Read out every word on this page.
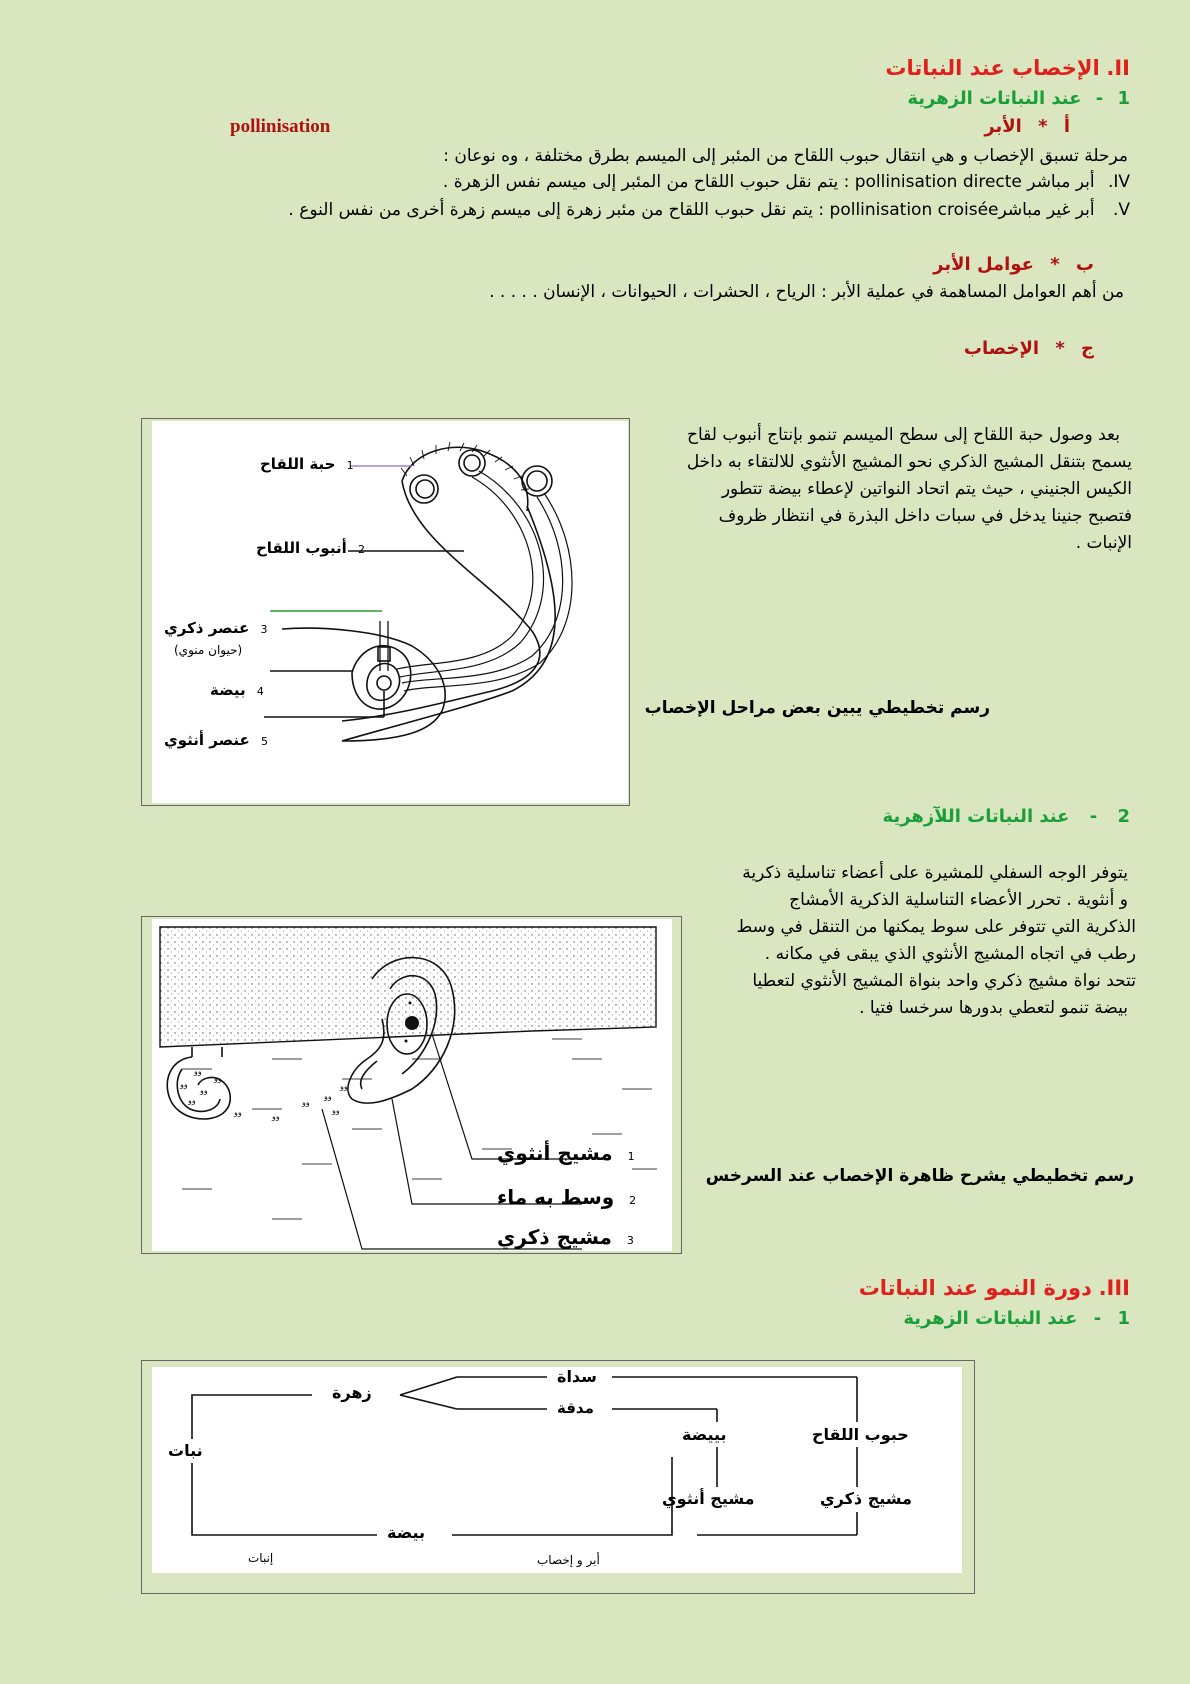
II. الإخصاب عند النباتات
1 - عند النباتات الزهرية
pollinisation	أ * الأبر
مرحلة تسبق الإخصاب و هي انتقال حبوب اللقاح من المئبر إلى الميسم بطرق مختلفة ، وه نوعان :
IV. أبر مباشر pollinisation directe : يتم نقل حبوب اللقاح من المئبر إلى ميسم نفس الزهرة .
V. أبر غير مباشرpollinisation croisée : يتم نقل حبوب اللقاح من مئبر زهرة إلى ميسم زهرة أخرى من نفس النوع .
ب * عوامل الأبر
من أهم العوامل المساهمة في عملية الأبر : الرياح ، الحشرات ، الحيوانات ، الإنسان . . . . .
ج * الإخصاب
بعد وصول حبة اللقاح إلى سطح الميسم تنمو بإنتاج أنبوب لقاح
يسمح بتنقل المشيج الذكري نحو المشيج الأنثوي للالتقاء به داخل
الكيس الجنيني ، حيث يتم اتحاد النواتين لإعطاء بيضة تتطور
فتصبح جنينا يدخل في سبات داخل البذرة في انتظار ظروف
الإنبات .
1 حبة اللقاح
2 أنبوب اللقاح
3 عنصر ذكري
(حيوان منوي)
4 بيضة
5 عنصر أنثوي
رسم تخطيطي يبين بعض مراحل الإخصاب
2 - عند النباتات اللآزهرية
يتوفر الوجه السفلي للمشيرة على أعضاء تناسلية ذكرية
و أنثوية . تحرر الأعضاء التناسلية الذكرية الأمشاج
الذكرية التي تتوفر على سوط يمكنها من التنقل في وسط
رطب في اتجاه المشيج الأنثوي الذي يبقى في مكانه .
تتحد نواة مشيج ذكري واحد بنواة المشيج الأنثوي لتعطيا
بيضة تنمو لتعطي بدورها سرخسا فتيا .
ﻭﻭ
ﻭﻭ
ﻭﻭ
ﻭﻭ
ﻭﻭ
ﻭﻭ	ﻭﻭ
ﻭﻭ
ﻭﻭ
ﻭﻭ
ﻭﻭ
1 مشيج أنثوي
2 وسط به ماء
3 مشيج ذكري
رسم تخطيطي يشرح ظاهرة الإخصاب عند السرخس
III. دورة النمو عند النباتات
1 - عند النباتات الزهرية
نبات
زهرة
سداة
مدقة
بييضة	حبوب اللقاح
مشيج أنثوي	مشيج ذكري
بيضة
إنبات	أبر و إخصاب
